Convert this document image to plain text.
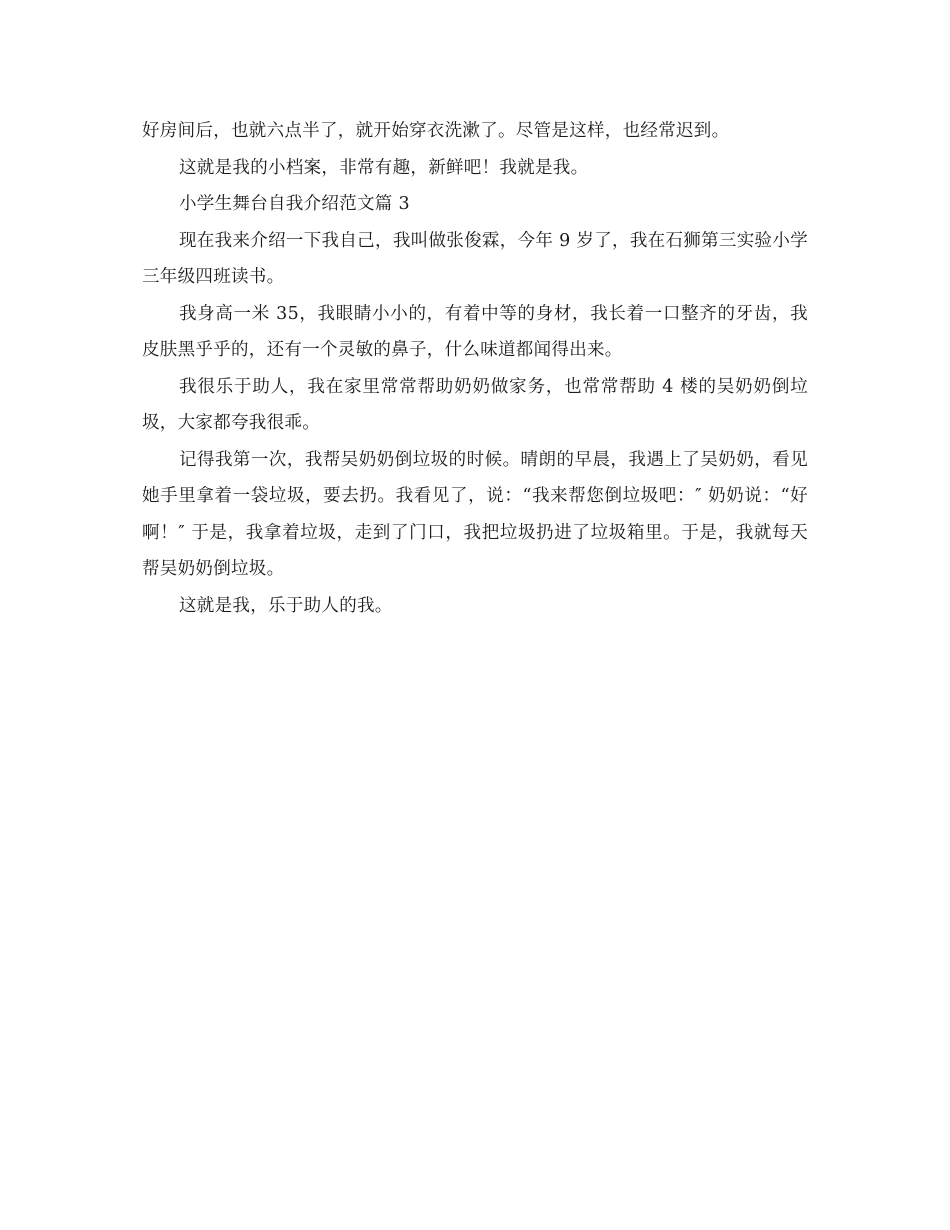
好房间后，也就六点半了，就开始穿衣洗漱了。尽管是这样，也经常迟到。

这就是我的小档案，非常有趣，新鲜吧！我就是我。

小学生舞台自我介绍范文篇 3

现在我来介绍一下我自己，我叫做张俊霖，今年 9 岁了，我在石狮第三实验小学三年级四班读书。

我身高一米 35，我眼睛小小的，有着中等的身材，我长着一口整齐的牙齿，我皮肤黑乎乎的，还有一个灵敏的鼻子，什么味道都闻得出来。

我很乐于助人，我在家里常常帮助奶奶做家务，也常常帮助 4 楼的吴奶奶倒垃圾，大家都夸我很乖。

记得我第一次，我帮吴奶奶倒垃圾的时候。晴朗的早晨，我遇上了吴奶奶，看见她手里拿着一袋垃圾，要去扔。我看见了，说：“我来帮您倒垃圾吧：″ 奶奶说：“好啊！″ 于是，我拿着垃圾，走到了门口，我把垃圾扔进了垃圾箱里。于是，我就每天帮吴奶奶倒垃圾。

这就是我，乐于助人的我。
